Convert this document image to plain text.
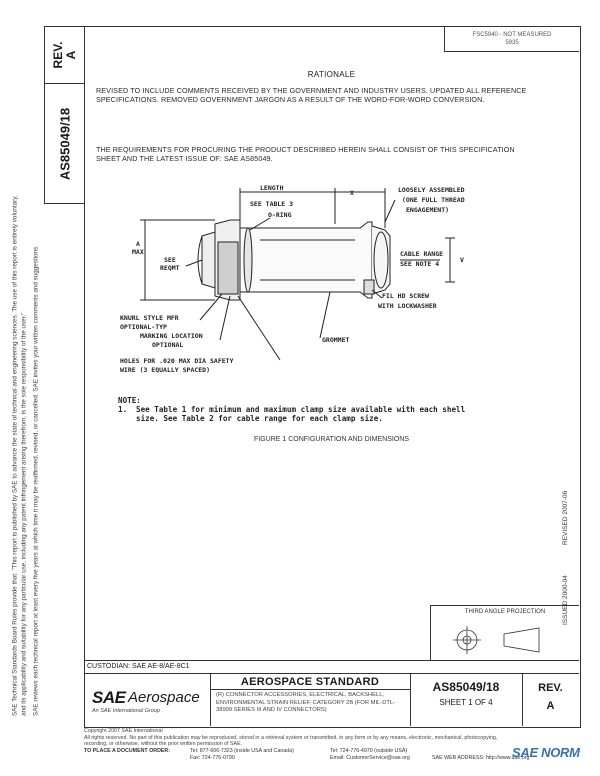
REV. A
AS85049/18
SAE Technical Standards Board Rules provide that: "This report is published by SAE to advance the state of technical and engineering sciences. The use of this report is entirely voluntary, and its applicability and suitability for any particular use, including any patent infringement arising therefrom, is the sole responsibility of the user." SAE reviews each technical report at least every five years at which time it may be reaffirmed, revised, or cancelled. SAE invites your written comments and suggestions.
FSC5940 - NOT MEASURED
5935
RATIONALE
REVISED TO INCLUDE COMMENTS RECEIVED BY THE GOVERNMENT AND INDUSTRY USERS. UPDATED ALL REFERENCE SPECIFICATIONS. REMOVED GOVERNMENT JARGON AS A RESULT OF THE WORD-FOR-WORD CONVERSION.
THE REQUIREMENTS FOR PROCURING THE PRODUCT DESCRIBED HEREIN SHALL CONSIST OF THIS SPECIFICATION SHEET AND THE LATEST ISSUE OF: SAE AS85049.
LENGTH
SEE TABLE 3
O-RING
X	LOOSELY ASSEMBLED
(ONE FULL THREAD
ENGAGEMENT)
A
MAX
SEE
REQMT
CABLE RANGE
SEE NOTE 4	V
FIL HD SCREW
WITH LOCKWASHER
KNURL STYLE MFR
OPTIONAL-TYP
MARKING LOCATION
OPTIONAL
GROMMET
HOLES FOR .020 MAX DIA SAFETY
WIRE (3 EQUALLY SPACED)
NOTE:
1.	See Table 1 for minimum and maximum clamp size available with each shell
size. See Table 2 for cable range for each clamp size.
FIGURE 1 CONFIGURATION AND DIMENSIONS
REVISED 2007-06
ISSUED 2000-04
THIRD ANGLE PROJECTION
CUSTODIAN: SAE AE-8/AE-8C1
SAE Aerospace
An SAE International Group
AEROSPACE STANDARD
(R) CONNECTOR ACCESSORIES, ELECTRICAL, BACKSHELL, ENVIRONMENTAL STRAIN RELIEF, CATEGORY 2B (FOR MIL-DTL-38999 SERIES III AND IV CONNECTORS)
AS85049/18
SHEET 1 OF 4
REV.
A
Copyright 2007 SAE International
All rights reserved. No part of this publication may be reproduced, stored in a retrieval system or transmitted, in any form or by any means, electronic, mechanical, photocopying,
recording, or otherwise, without the prior written permission of SAE.
TO PLACE A DOCUMENT ORDER:	Tel: 877-606-7323 (inside USA and Canada)
Fax: 724-776-0790
Tel: 724-776-4970 (outside USA)
Email: CustomerService@sae.org	SAE WEB ADDRESS: http://www.sae.org
SAE NORM
